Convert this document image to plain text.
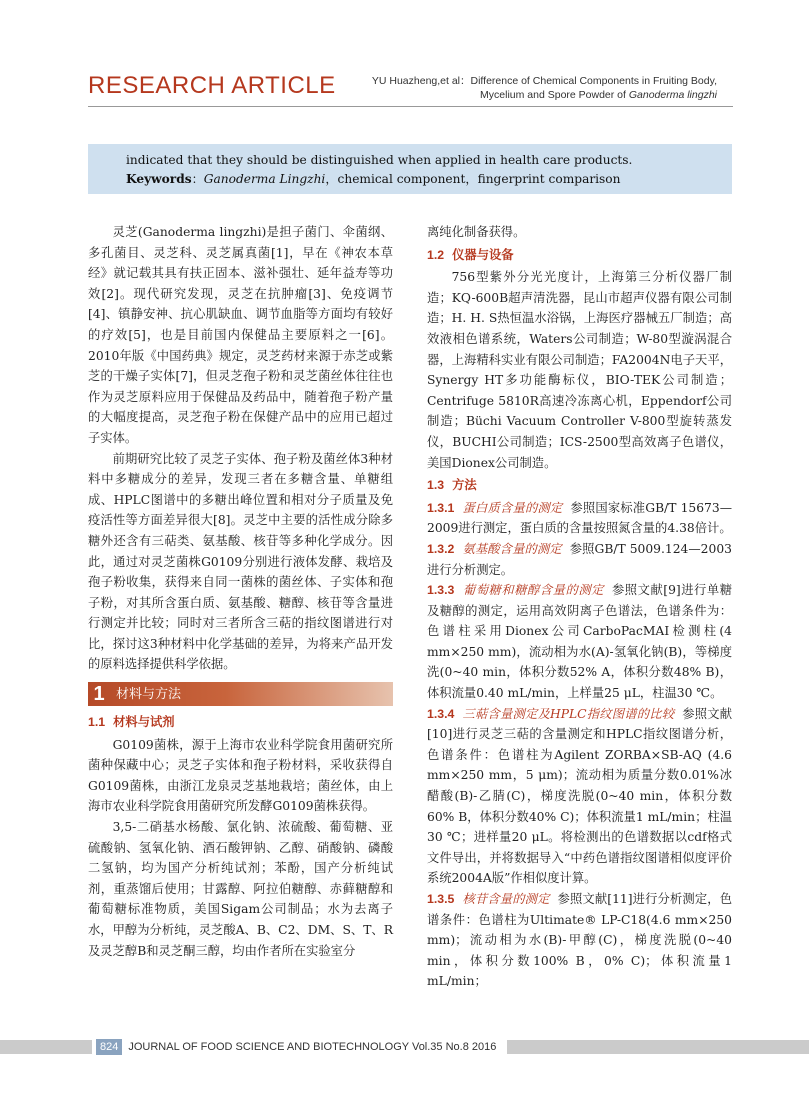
RESEARCH ARTICLE	YU Huazheng,et al：Difference of Chemical Components in Fruiting Body,
Mycelium and Spore Powder of Ganoderma lingzhi
indicated that they should be distinguished when applied in health care products.
Keywords：Ganoderma Lingzhi，chemical component，fingerprint comparison

灵芝(Ganoderma lingzhi)是担子菌门、伞菌纲、多孔菌目、灵芝科、灵芝属真菌[1]，早在《神农本草经》就记载其具有扶正固本、滋补强壮、延年益寿等功效[2]。现代研究发现，灵芝在抗肿瘤[3]、免疫调节[4]、镇静安神、抗心肌缺血、调节血脂等方面均有较好的疗效[5]，也是目前国内保健品主要原料之一[6]。2010年版《中国药典》规定，灵芝药材来源于赤芝或紫芝的干燥子实体[7]，但灵芝孢子粉和灵芝菌丝体往往也作为灵芝原料应用于保健品及药品中，随着孢子粉产量的大幅度提高，灵芝孢子粉在保健产品中的应用已超过子实体。

前期研究比较了灵芝子实体、孢子粉及菌丝体3种材料中多糖成分的差异，发现三者在多糖含量、单糖组成、HPLC图谱中的多糖出峰位置和相对分子质量及免疫活性等方面差异很大[8]。灵芝中主要的活性成分除多糖外还含有三萜类、氨基酸、核苷等多种化学成分。因此，通过对灵芝菌株G0109分别进行液体发酵、栽培及孢子粉收集，获得来自同一菌株的菌丝体、子实体和孢子粉，对其所含蛋白质、氨基酸、糖醇、核苷等含量进行测定并比较；同时对三者所含三萜的指纹图谱进行对比，探讨这3种材料中化学基础的差异，为将来产品开发的原料选择提供科学依据。

1 材料与方法
1.1 材料与试剂

G0109菌株，源于上海市农业科学院食用菌研究所菌种保藏中心；灵芝子实体和孢子粉材料，采收获得自G0109菌株，由浙江龙泉灵芝基地栽培；菌丝体，由上海市农业科学院食用菌研究所发酵G0109菌株获得。

3,5-二硝基水杨酸、氯化钠、浓硫酸、葡萄糖、亚硫酸钠、氢氧化钠、酒石酸钾钠、乙醇、硝酸钠、磷酸二氢钠，均为国产分析纯试剂；苯酚，国产分析纯试剂，重蒸馏后使用；甘露醇、阿拉伯糖醇、赤藓糖醇和葡萄糖标准物质，美国Sigam公司制品；水为去离子水，甲醇为分析纯，灵芝酸A、B、C2、DM、S、T、R及灵芝醇B和灵芝酮三醇，均由作者所在实验室分

离纯化制备获得。

1.2 仪器与设备

756型紫外分光光度计，上海第三分析仪器厂制造；KQ-600B超声清洗器，昆山市超声仪器有限公司制造；H. H. S热恒温水浴锅，上海医疗器械五厂制造；高效液相色谱系统，Waters公司制造；W-80型漩涡混合器，上海精科实业有限公司制造；FA2004N电子天平，Synergy HT多功能酶标仪，BIO-TEK公司制造；Centrifuge 5810R高速冷冻离心机，Eppendorf公司制造；Büchi Vacuum Controller V-800型旋转蒸发仪，BUCHI公司制造；ICS-2500型高效离子色谱仪，美国Dionex公司制造。

1.3 方法

1.3.1 蛋白质含量的测定 参照国家标准GB/T 15673—2009进行测定，蛋白质的含量按照氮含量的4.38倍计。

1.3.2 氨基酸含量的测定 参照GB/T 5009.124—2003进行分析测定。

1.3.3 葡萄糖和糖醇含量的测定 参照文献[9]进行单糖及糖醇的测定，运用高效阴离子色谱法，色谱条件为：色谱柱采用Dionex公司CarboPacMAI检测柱(4 mm×250 mm)，流动相为水(A)-氢氧化钠(B)，等梯度洗(0~40 min，体积分数52% A，体积分数48% B)，体积流量0.40 mL/min，上样量25 μL，柱温30 ℃。

1.3.4 三萜含量测定及HPLC指纹图谱的比较 参照文献[10]进行灵芝三萜的含量测定和HPLC指纹图谱分析，色谱条件：色谱柱为Agilent ZORBA×SB-AQ (4.6 mm×250 mm，5 μm)；流动相为质量分数0.01%冰醋酸(B)-乙腈(C)，梯度洗脱(0~40 min，体积分数60% B，体积分数40% C)；体积流量1 mL/min；柱温30 ℃；进样量20 μL。将检测出的色谱数据以cdf格式文件导出，并将数据导入“中药色谱指纹图谱相似度评价系统2004A版”作相似度计算。

1.3.5 核苷含量的测定 参照文献[11]进行分析测定，色谱条件：色谱柱为Ultimate® LP-C18(4.6 mm×250 mm)；流动相为水(B)-甲醇(C)，梯度洗脱(0~40 min，体积分数100% B，0% C)；体积流量1 mL/min；

824 JOURNAL OF FOOD SCIENCE AND BIOTECHNOLOGY Vol.35 No.8 2016
